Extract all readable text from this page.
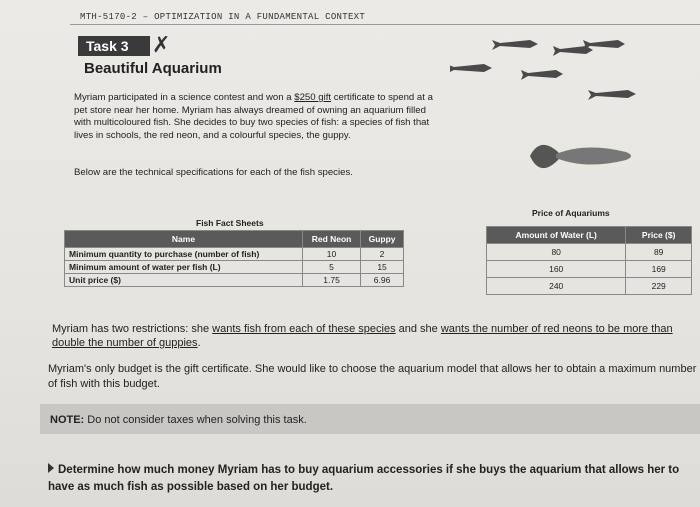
MTH-5170-2 – OPTIMIZATION IN A FUNDAMENTAL CONTEXT
Task 3	✗
Beautiful Aquarium
Myriam participated in a science contest and won a $250 gift certificate to spend at a pet store near her home. Myriam has always dreamed of owning an aquarium filled with multicoloured fish. She decides to buy two species of fish: a species of fish that lives in schools, the red neon, and a colourful species, the guppy.
Below are the technical specifications for each of the fish species.
Fish Fact Sheets
Name	Red Neon	Guppy
Minimum quantity to purchase (number of fish)	10	2
Minimum amount of water per fish (L)	5	15
Unit price ($)	1.75	6.96
Price of Aquariums
Amount of Water (L)	Price ($)
80	89
160	169
240	229
Myriam has two restrictions: she wants fish from each of these species and she wants the number of red neons to be more than double the number of guppies.
Myriam's only budget is the gift certificate. She would like to choose the aquarium model that allows her to obtain a maximum number of fish with this budget.
NOTE: Do not consider taxes when solving this task.
Determine how much money Myriam has to buy aquarium accessories if she buys the aquarium that allows her to have as much fish as possible based on her budget.
